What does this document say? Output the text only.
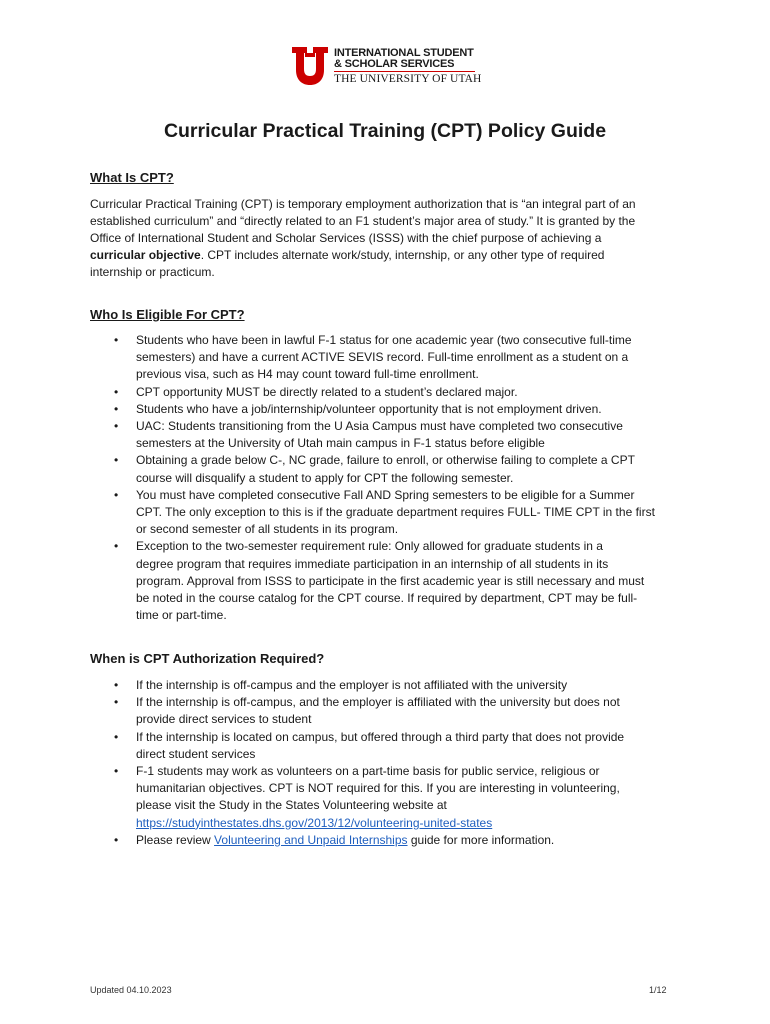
INTERNATIONAL STUDENT
& SCHOLAR SERVICES
THE UNIVERSITY OF UTAH
Curricular Practical Training (CPT) Policy Guide
What Is CPT?
Curricular Practical Training (CPT) is temporary employment authorization that is “an integral part of an
established curriculum” and “directly related to an F1 student’s major area of study.” It is granted by the
Office of International Student and Scholar Services (ISSS) with the chief purpose of achieving a
curricular objective. CPT includes alternate work/study, internship, or any other type of required
internship or practicum.
Who Is Eligible For CPT?
• Students who have been in lawful F-1 status for one academic year (two consecutive full-time
semesters) and have a current ACTIVE SEVIS record. Full-time enrollment as a student on a
previous visa, such as H4 may count toward full-time enrollment.
• CPT opportunity MUST be directly related to a student’s declared major.
• Students who have a job/internship/volunteer opportunity that is not employment driven.
• UAC: Students transitioning from the U Asia Campus must have completed two consecutive
semesters at the University of Utah main campus in F-1 status before eligible
• Obtaining a grade below C-, NC grade, failure to enroll, or otherwise failing to complete a CPT
course will disqualify a student to apply for CPT the following semester.
• You must have completed consecutive Fall AND Spring semesters to be eligible for a Summer
CPT. The only exception to this is if the graduate department requires FULL- TIME CPT in the first
or second semester of all students in its program.
• Exception to the two-semester requirement rule: Only allowed for graduate students in a
degree program that requires immediate participation in an internship of all students in its
program. Approval from ISSS to participate in the first academic year is still necessary and must
be noted in the course catalog for the CPT course. If required by department, CPT may be full-
time or part-time.
When is CPT Authorization Required?
• If the internship is off-campus and the employer is not affiliated with the university
• If the internship is off-campus, and the employer is affiliated with the university but does not
provide direct services to student
• If the internship is located on campus, but offered through a third party that does not provide
direct student services
• F-1 students may work as volunteers on a part-time basis for public service, religious or
humanitarian objectives. CPT is NOT required for this. If you are interesting in volunteering,
please visit the Study in the States Volunteering website at
https://studyinthestates.dhs.gov/2013/12/volunteering-united-states
• Please review Volunteering and Unpaid Internships guide for more information.
Updated 04.10.2023	1/12
